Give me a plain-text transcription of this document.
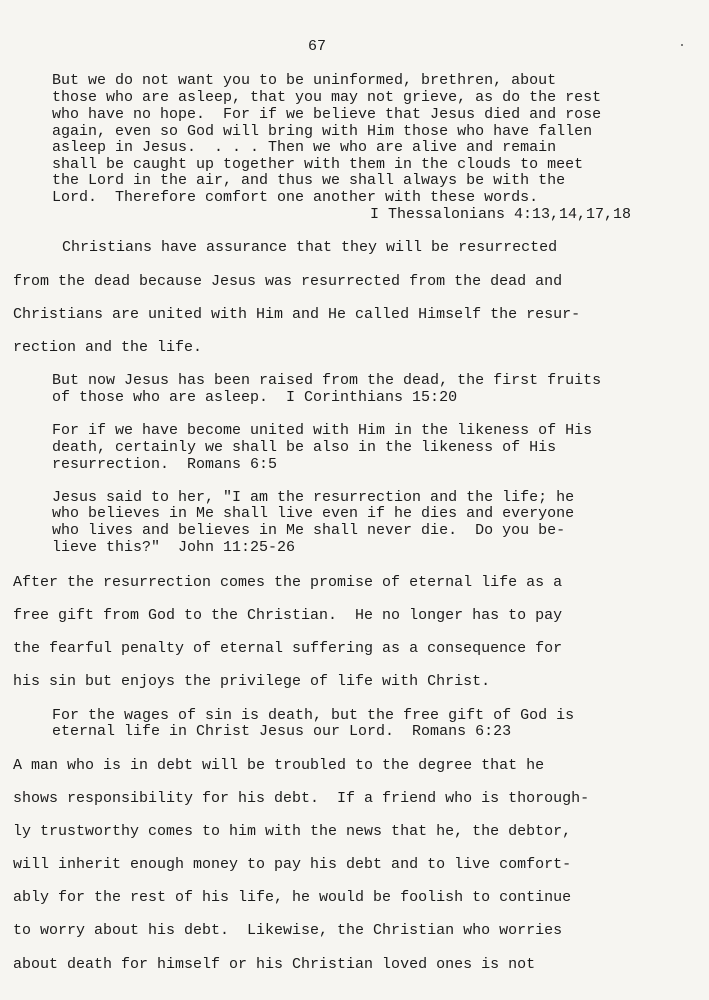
67
But we do not want you to be uninformed, brethren, about
those who are asleep, that you may not grieve, as do the rest
who have no hope.  For if we believe that Jesus died and rose
again, even so God will bring with Him those who have fallen
asleep in Jesus.  . . . Then we who are alive and remain
shall be caught up together with them in the clouds to meet
the Lord in the air, and thus we shall always be with the
Lord.  Therefore comfort one another with these words.
I Thessalonians 4:13,14,17,18
Christians have assurance that they will be resurrected
from the dead because Jesus was resurrected from the dead and
Christians are united with Him and He called Himself the resur-
rection and the life.
But now Jesus has been raised from the dead, the first fruits
of those who are asleep.  I Corinthians 15:20
For if we have become united with Him in the likeness of His
death, certainly we shall be also in the likeness of His
resurrection.  Romans 6:5
Jesus said to her, "I am the resurrection and the life; he
who believes in Me shall live even if he dies and everyone
who lives and believes in Me shall never die.  Do you be-
lieve this?"  John 11:25-26
After the resurrection comes the promise of eternal life as a
free gift from God to the Christian.  He no longer has to pay
the fearful penalty of eternal suffering as a consequence for
his sin but enjoys the privilege of life with Christ.
For the wages of sin is death, but the free gift of God is
eternal life in Christ Jesus our Lord.  Romans 6:23
A man who is in debt will be troubled to the degree that he
shows responsibility for his debt.  If a friend who is thorough-
ly trustworthy comes to him with the news that he, the debtor,
will inherit enough money to pay his debt and to live comfort-
ably for the rest of his life, he would be foolish to continue
to worry about his debt.  Likewise, the Christian who worries
about death for himself or his Christian loved ones is not
